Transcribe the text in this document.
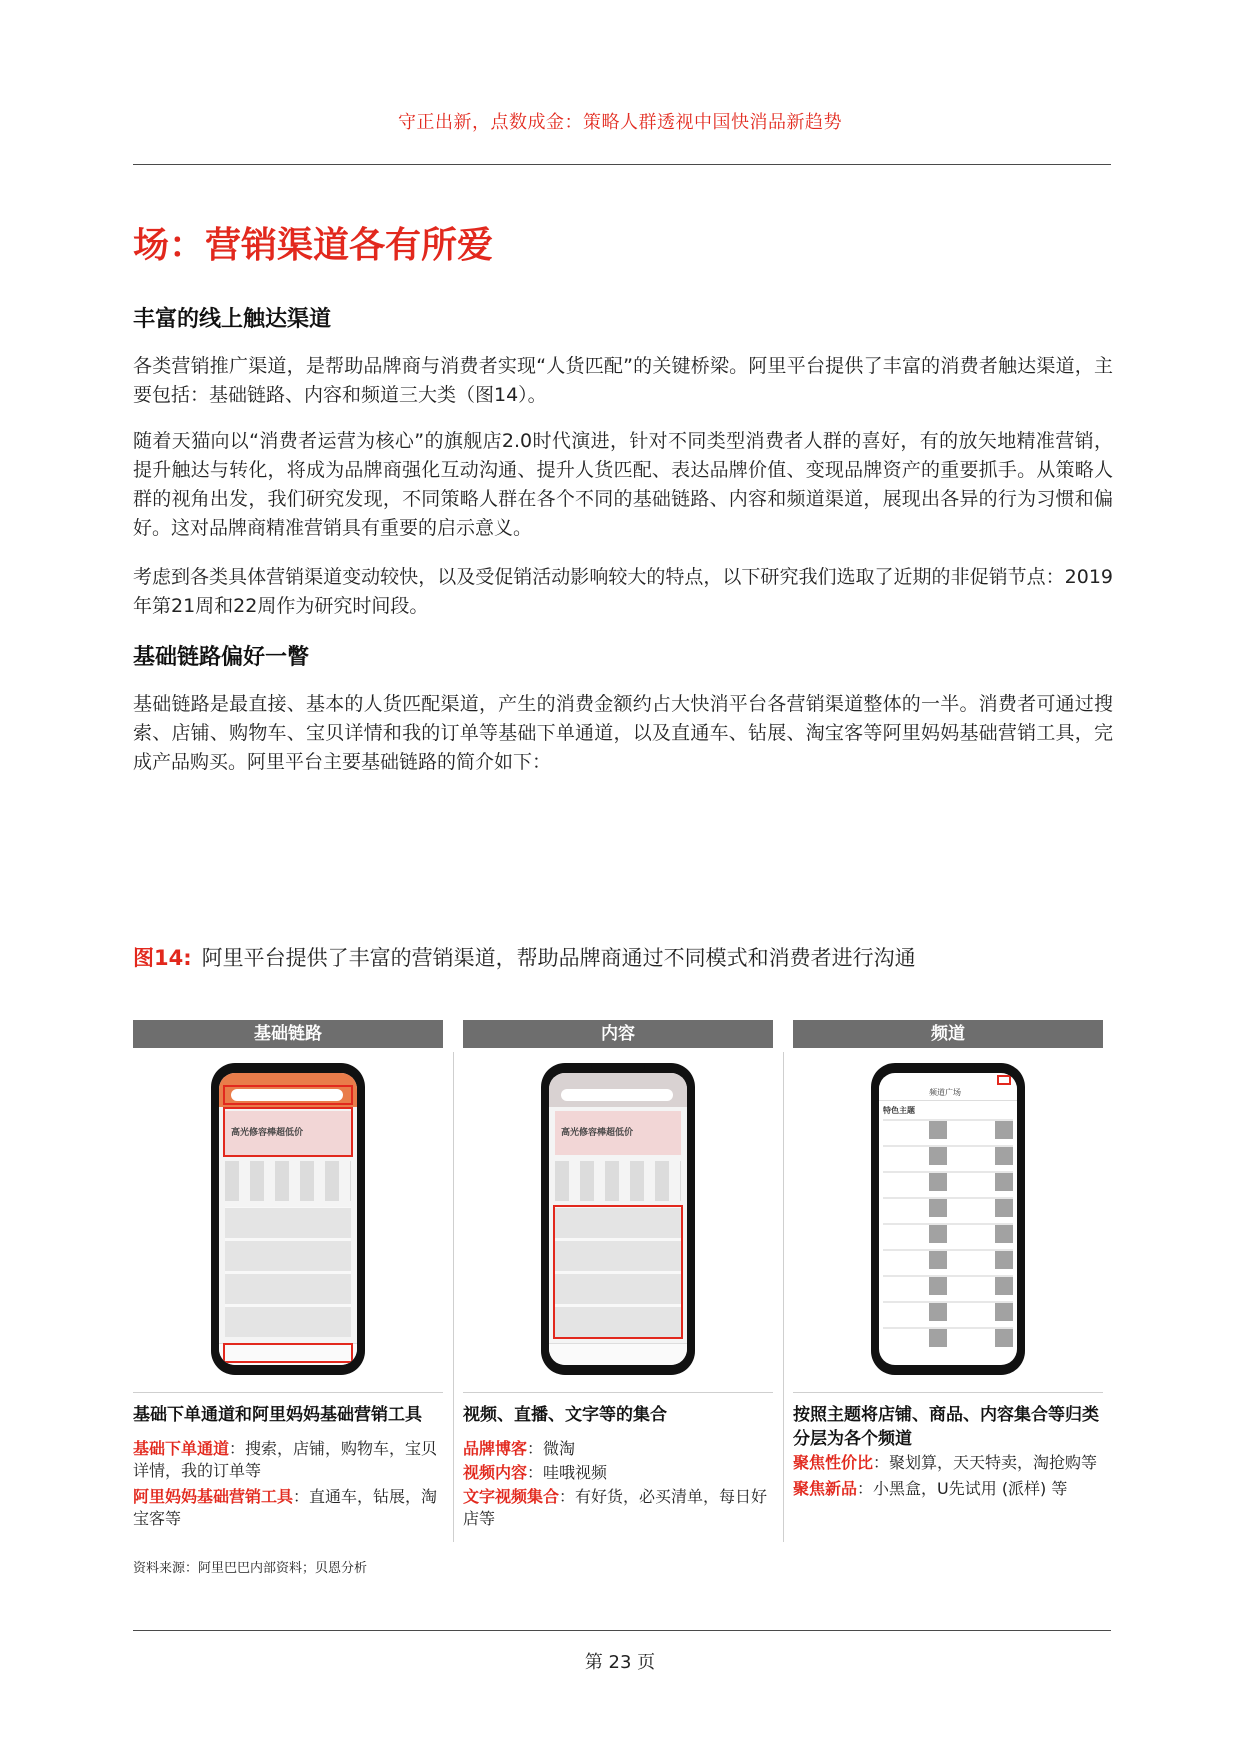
守正出新，点数成金：策略人群透视中国快消品新趋势
场：营销渠道各有所爱
丰富的线上触达渠道

各类营销推广渠道，是帮助品牌商与消费者实现“人货匹配”的关键桥梁。阿里平台提供了丰富的消费者触达渠道，主要包括：基础链路、内容和频道三大类（图14）。

随着天猫向以“消费者运营为核心”的旗舰店2.0时代演进，针对不同类型消费者人群的喜好，有的放矢地精准营销，提升触达与转化，将成为品牌商强化互动沟通、提升人货匹配、表达品牌价值、变现品牌资产的重要抓手。从策略人群的视角出发，我们研究发现，不同策略人群在各个不同的基础链路、内容和频道渠道，展现出各异的行为习惯和偏好。这对品牌商精准营销具有重要的启示意义。

考虑到各类具体营销渠道变动较快，以及受促销活动影响较大的特点，以下研究我们选取了近期的非促销节点：2019年第21周和22周作为研究时间段。

基础链路偏好一瞥

基础链路是最直接、基本的人货匹配渠道，产生的消费金额约占大快消平台各营销渠道整体的一半。消费者可通过搜索、店铺、购物车、宝贝详情和我的订单等基础下单通道，以及直通车、钻展、淘宝客等阿里妈妈基础营销工具，完成产品购买。阿里平台主要基础链路的简介如下：

图14: 阿里平台提供了丰富的营销渠道，帮助品牌商通过不同模式和消费者进行沟通
基础链路	内容	频道
高光修容棒超低价	高光修容棒超低价
频道广场
特色主题
基础下单通道和阿里妈妈基础营销工具
基础下单通道：搜索，店铺，购物车，宝贝详情，我的订单等
阿里妈妈基础营销工具：直通车，钻展，淘宝客等
视频、直播、文字等的集合
品牌博客：微淘
视频内容：哇哦视频
文字视频集合：有好货，必买清单，每日好店等
按照主题将店铺、商品、内容集合等归类分层为各个频道
聚焦性价比：聚划算，天天特卖，淘抢购等
聚焦新品：小黑盒，U先试用 (派样) 等
资料来源：阿里巴巴内部资料；贝恩分析
第 23 页
